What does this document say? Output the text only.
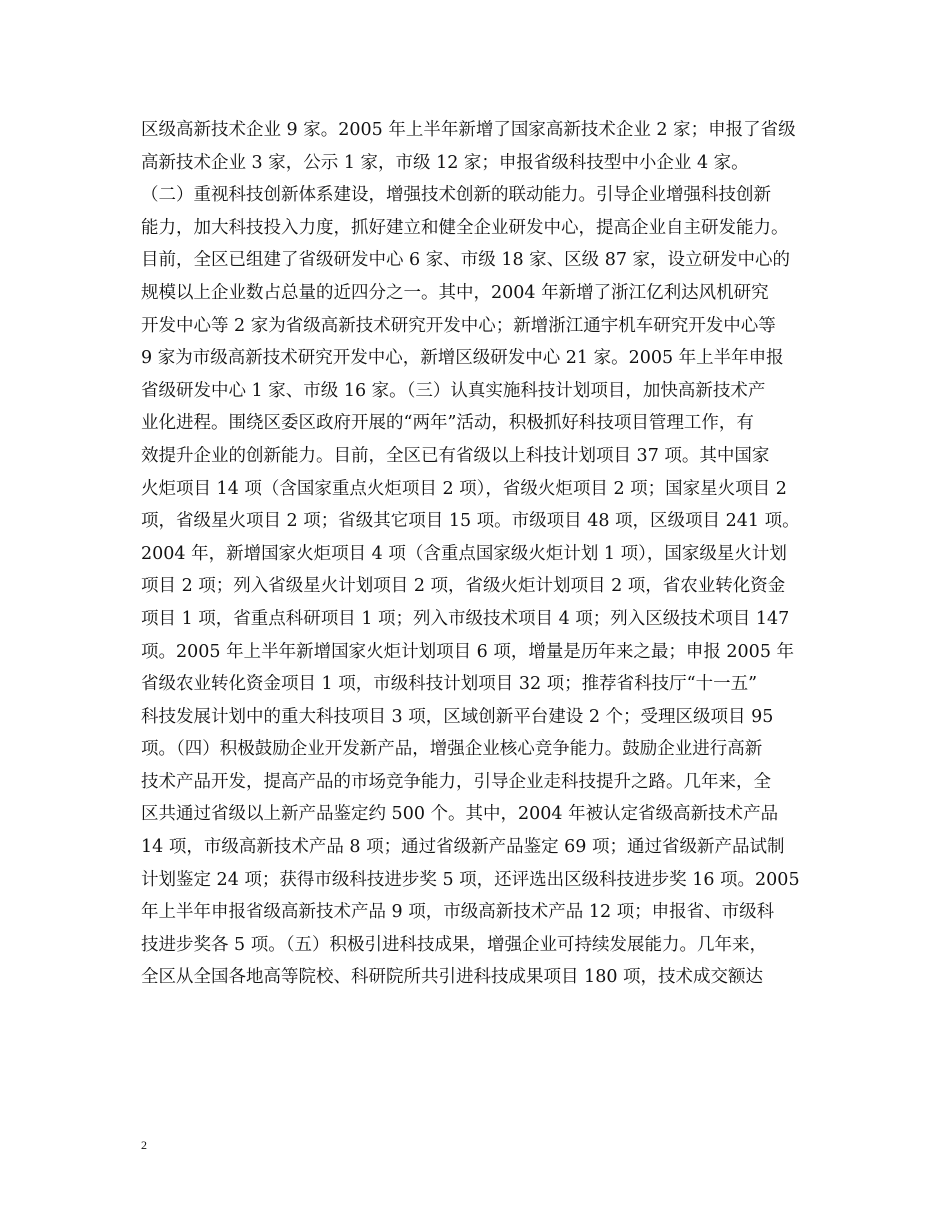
区级高新技术企业 9 家。2005 年上半年新增了国家高新技术企业 2 家；申报了省级
高新技术企业 3 家，公示 1 家，市级 12 家；申报省级科技型中小企业 4 家。
（二）重视科技创新体系建设，增强技术创新的联动能力。引导企业增强科技创新
能力，加大科技投入力度，抓好建立和健全企业研发中心，提高企业自主研发能力。
目前，全区已组建了省级研发中心 6 家、市级 18 家、区级 87 家，设立研发中心的
规模以上企业数占总量的近四分之一。其中，2004 年新增了浙江亿利达风机研究
开发中心等 2 家为省级高新技术研究开发中心；新增浙江通宇机车研究开发中心等
9 家为市级高新技术研究开发中心，新增区级研发中心 21 家。2005 年上半年申报
省级研发中心 1 家、市级 16 家。（三）认真实施科技计划项目，加快高新技术产
业化进程。围绕区委区政府开展的“两年”活动，积极抓好科技项目管理工作，有
效提升企业的创新能力。目前，全区已有省级以上科技计划项目 37 项。其中国家
火炬项目 14 项（含国家重点火炬项目 2 项），省级火炬项目 2 项；国家星火项目 2
项，省级星火项目 2 项；省级其它项目 15 项。市级项目 48 项，区级项目 241 项。
2004 年，新增国家火炬项目 4 项（含重点国家级火炬计划 1 项），国家级星火计划
项目 2 项；列入省级星火计划项目 2 项，省级火炬计划项目 2 项，省农业转化资金
项目 1 项，省重点科研项目 1 项；列入市级技术项目 4 项；列入区级技术项目 147
项。2005 年上半年新增国家火炬计划项目 6 项，增量是历年来之最；申报 2005 年
省级农业转化资金项目 1 项，市级科技计划项目 32 项；推荐省科技厅“十一五”
科技发展计划中的重大科技项目 3 项，区域创新平台建设 2 个；受理区级项目 95
项。（四）积极鼓励企业开发新产品，增强企业核心竞争能力。鼓励企业进行高新
技术产品开发，提高产品的市场竞争能力，引导企业走科技提升之路。几年来，全
区共通过省级以上新产品鉴定约 500 个。其中，2004 年被认定省级高新技术产品
14 项，市级高新技术产品 8 项；通过省级新产品鉴定 69 项；通过省级新产品试制
计划鉴定 24 项；获得市级科技进步奖 5 项，还评选出区级科技进步奖 16 项。2005
年上半年申报省级高新技术产品 9 项，市级高新技术产品 12 项；申报省、市级科
技进步奖各 5 项。（五）积极引进科技成果，增强企业可持续发展能力。几年来，
全区从全国各地高等院校、科研院所共引进科技成果项目 180 项，技术成交额达
2
